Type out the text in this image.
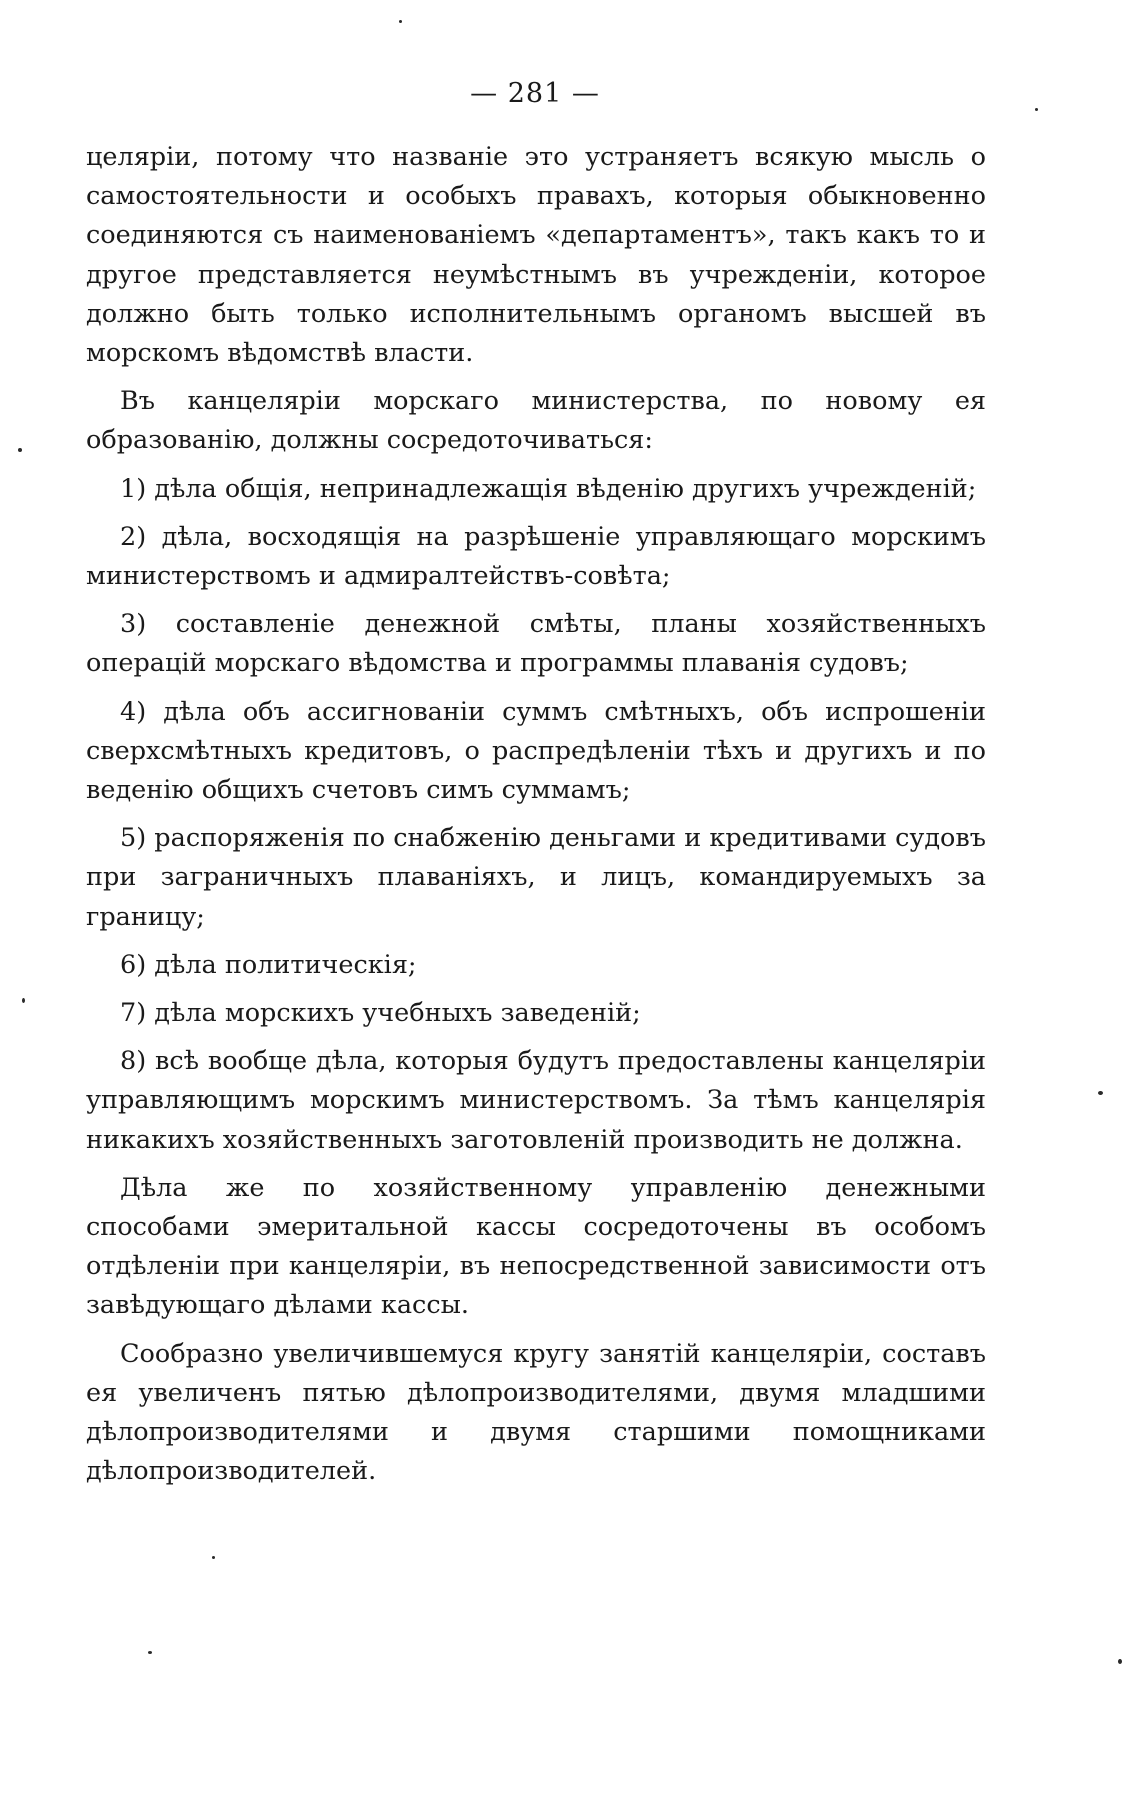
— 281 —

целяріи, потому что названіе это устраняетъ всякую мысль о самостоятельности и особыхъ правахъ, которыя обыкновенно соединяются съ наименованіемъ «департаментъ», такъ какъ то и другое представляется неумѣстнымъ въ учрежденіи, которое должно быть только исполнительнымъ органомъ высшей въ морскомъ вѣдомствѣ власти.

Въ канцеляріи морскаго министерства, по новому ея образованію, должны сосредоточиваться:

1) дѣла общія, непринадлежащія вѣденію другихъ учрежденій;

2) дѣла, восходящія на разрѣшеніе управляющаго морскимъ министерствомъ и адмиралтействъ-совѣта;

3) составленіе денежной смѣты, планы хозяйственныхъ операцій морскаго вѣдомства и программы плаванія судовъ;

4) дѣла объ ассигнованіи суммъ смѣтныхъ, объ испрошеніи сверхсмѣтныхъ кредитовъ, о распредѣленіи тѣхъ и другихъ и по веденію общихъ счетовъ симъ суммамъ;

5) распоряженія по снабженію деньгами и кредитивами судовъ при заграничныхъ плаваніяхъ, и лицъ, командируемыхъ за границу;

6) дѣла политическія;

7) дѣла морскихъ учебныхъ заведеній;

8) всѣ вообще дѣла, которыя будутъ предоставлены канцеляріи управляющимъ морскимъ министерствомъ. За тѣмъ канцелярія никакихъ хозяйственныхъ заготовленій производить не должна.

Дѣла же по хозяйственному управленію денежными способами эмеритальной кассы сосредоточены въ особомъ отдѣленіи при канцеляріи, въ непосредственной зависимости отъ завѣдующаго дѣлами кассы.

Сообразно увеличившемуся кругу занятій канцеляріи, составъ ея увеличенъ пятью дѣлопроизводителями, двумя младшими дѣлопроизводителями и двумя старшими помощниками дѣлопроизводителей.
